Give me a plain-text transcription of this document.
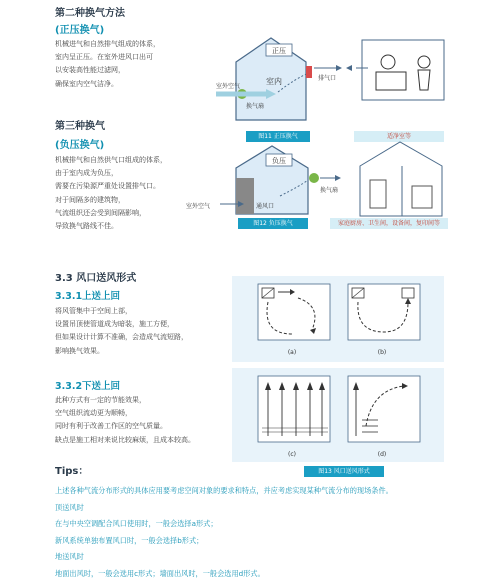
第二种换气方法
(正压换气)
机械进气和自然排气组成的体系，
室内呈正压。在室外进风口出可
以安装高性能过滤网，
确保室内空气洁净。
正压
室内
室外空气
换气扇
排气口
图11 正压换气	适净室等
第三种换气
(负压换气)
机械排气和自然供气口组成的体系，
由于室内成为负压，
需要在污染源严重处设置排气口。
对于间隔多的建筑物，
气流组织还会受到间隔影响，
导致换气路线不佳。
负压
室外空气	通风口
换气扇
图12 负压换气	家庭厨房、卫生间，设备间，复印间等
3.3 风口送风形式
3.3.1上送上回
将风管集中于空间上部，
设置吊顶使管道成为暗装，施工方便，
但如果设计计算不准确，会造成气流短路，
影响换气效果。
3.3.2下送上回
此种方式有一定的节能效果，
空气组织流动更为顺畅，
同时有利于改善工作区的空气质量。
缺点是施工相对来说比较麻烦，且成本较高。
(a)	(b)
(c)	(d)
图13 风口送风形式
Tips：
上述各种气流分布形式的具体应用要考虑空间对象的要求和特点，并应考虑实现某种气流分布的现场条件。
顶送风时
在与中央空调配合风口使用时，一般会选择a形式；
新风系统单独布置风口时，一般会选择b形式；
地送风时
地面出风时，一般会选用c形式；墙面出风时，一般会选用d形式。
